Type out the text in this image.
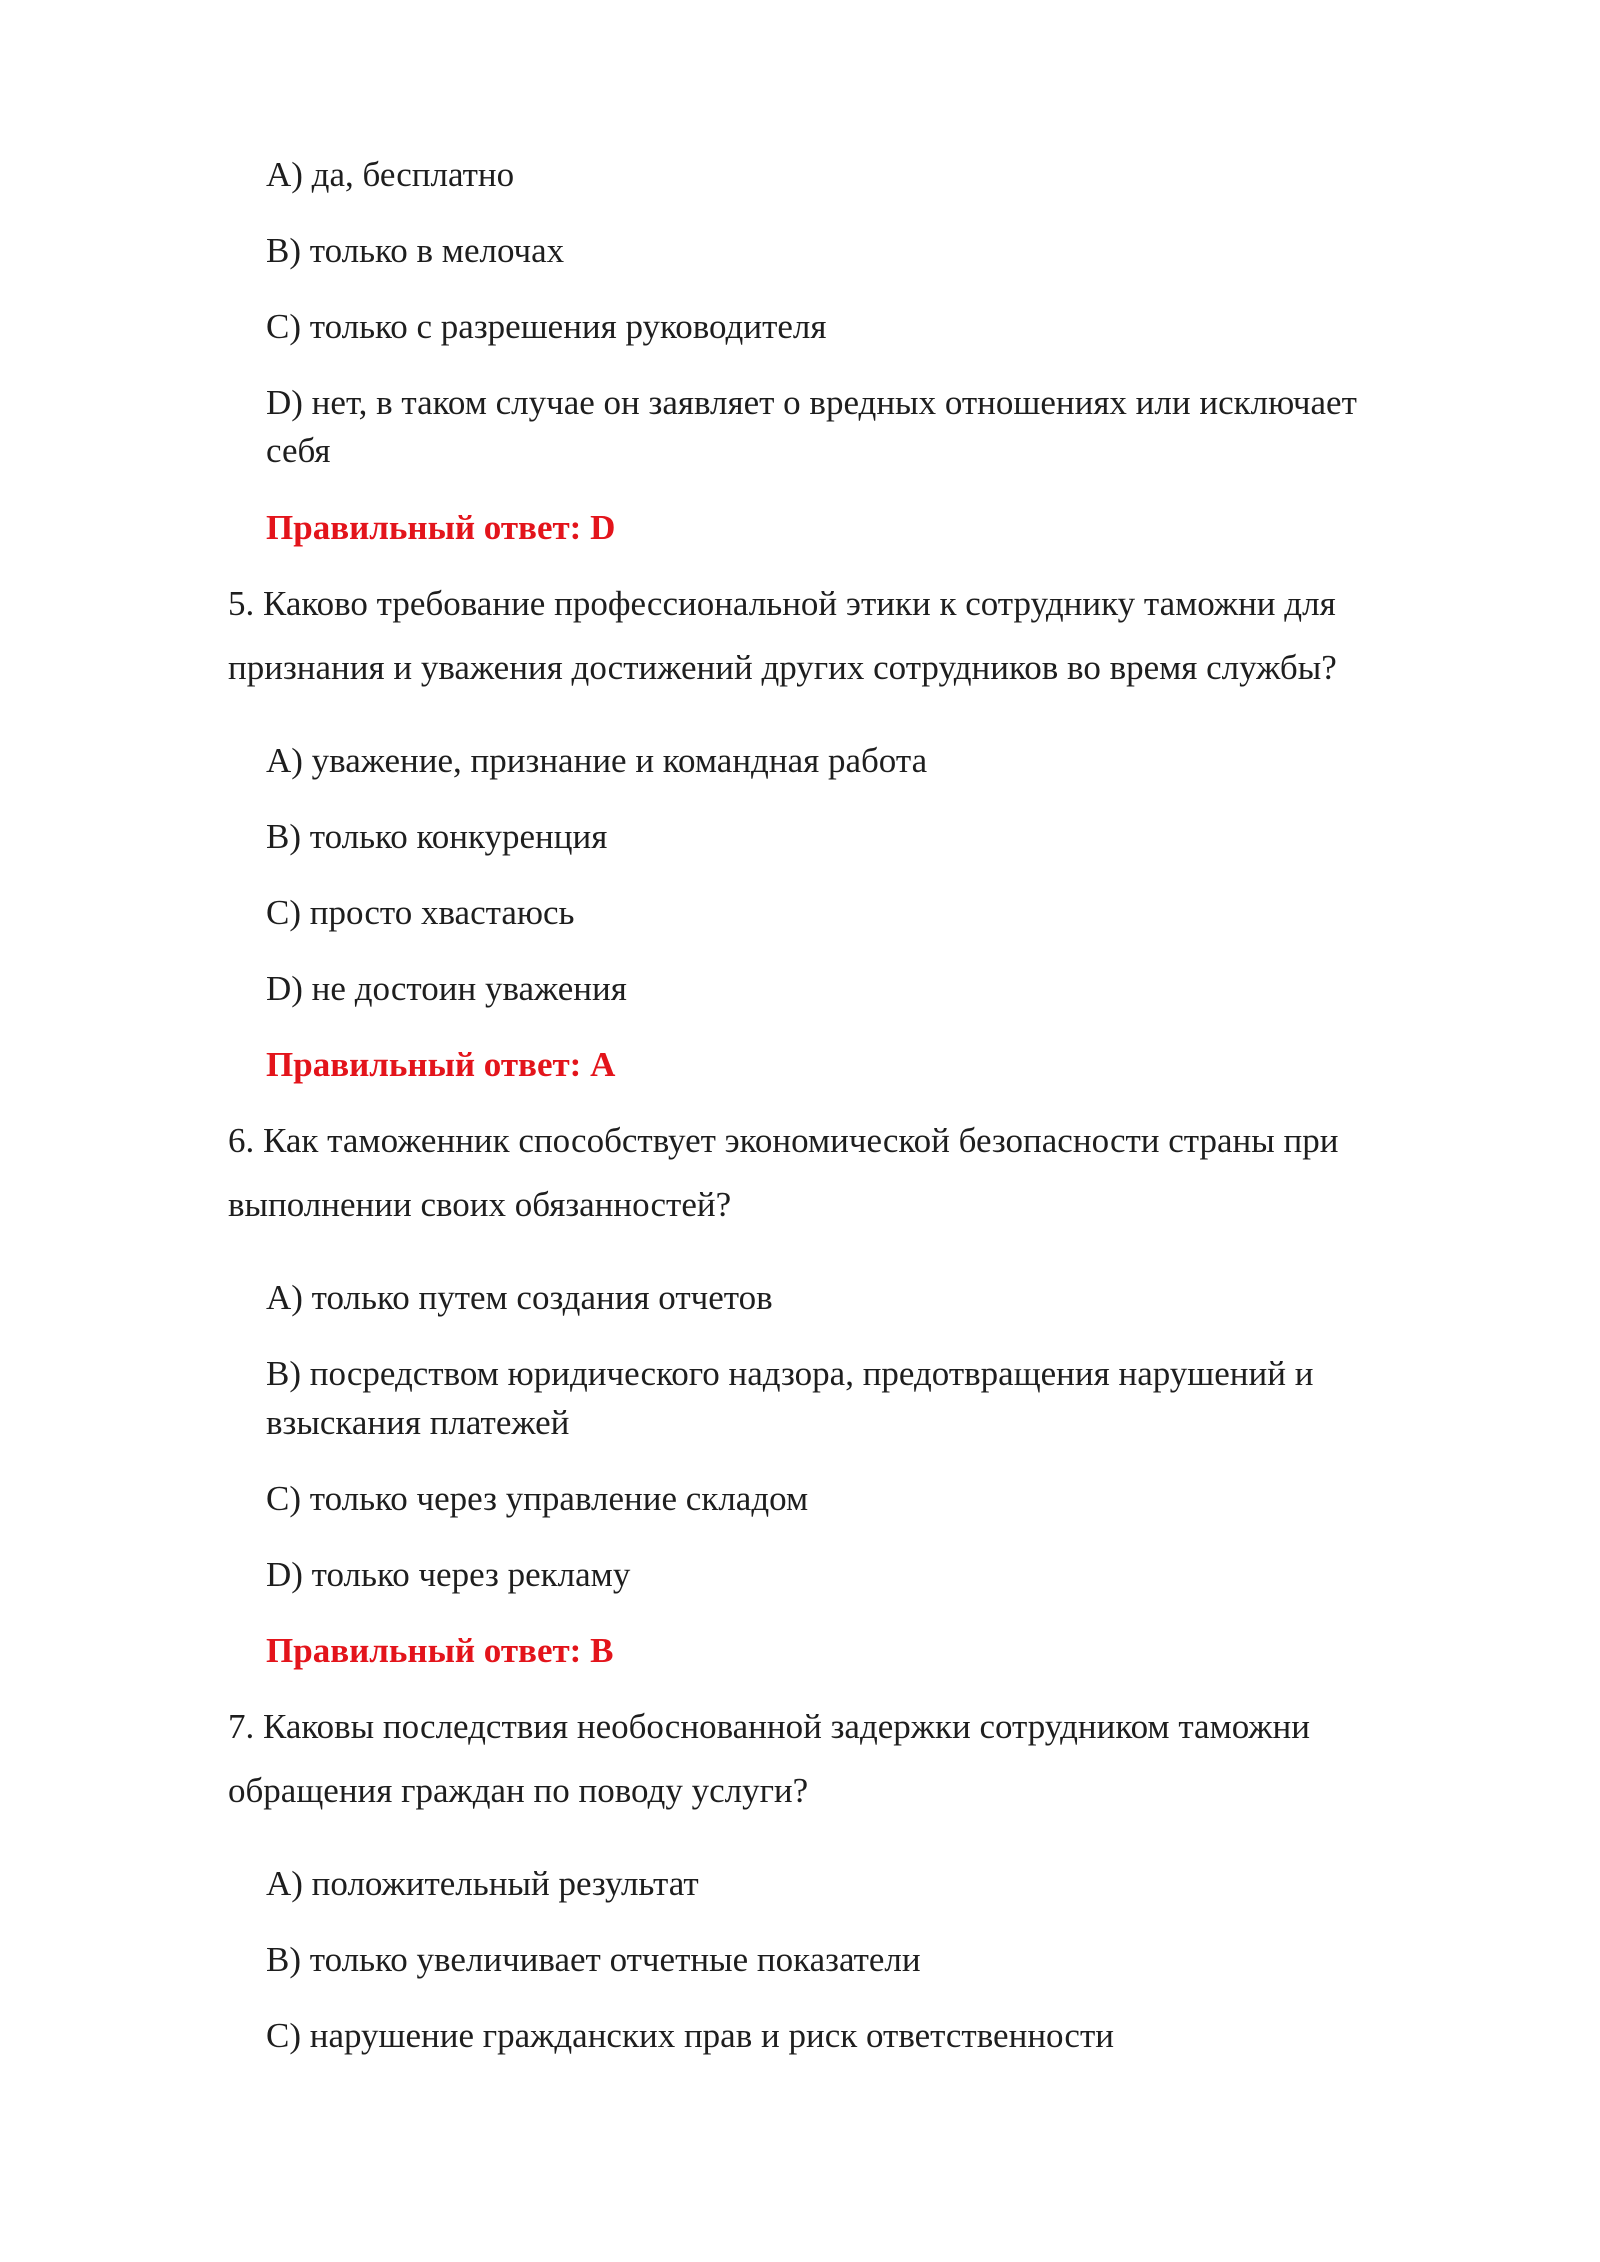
А) да, бесплатно
B) только в мелочах
C) только с разрешения руководителя
D) нет, в таком случае он заявляет о вредных отношениях или исключает
себя
Правильный ответ: D
5. Каково требование профессиональной этики к сотруднику таможни для
признания и уважения достижений других сотрудников во время службы?
А) уважение, признание и командная работа
B) только конкуренция
C) просто хвастаюсь
D) не достоин уважения
Правильный ответ: A
6. Как таможенник способствует экономической безопасности страны при
выполнении своих обязанностей?
А) только путем создания отчетов
B) посредством юридического надзора, предотвращения нарушений и
взыскания платежей
C) только через управление складом
D) только через рекламу
Правильный ответ: B
7. Каковы последствия необоснованной задержки сотрудником таможни
обращения граждан по поводу услуги?
А) положительный результат
B) только увеличивает отчетные показатели
C) нарушение гражданских прав и риск ответственности
